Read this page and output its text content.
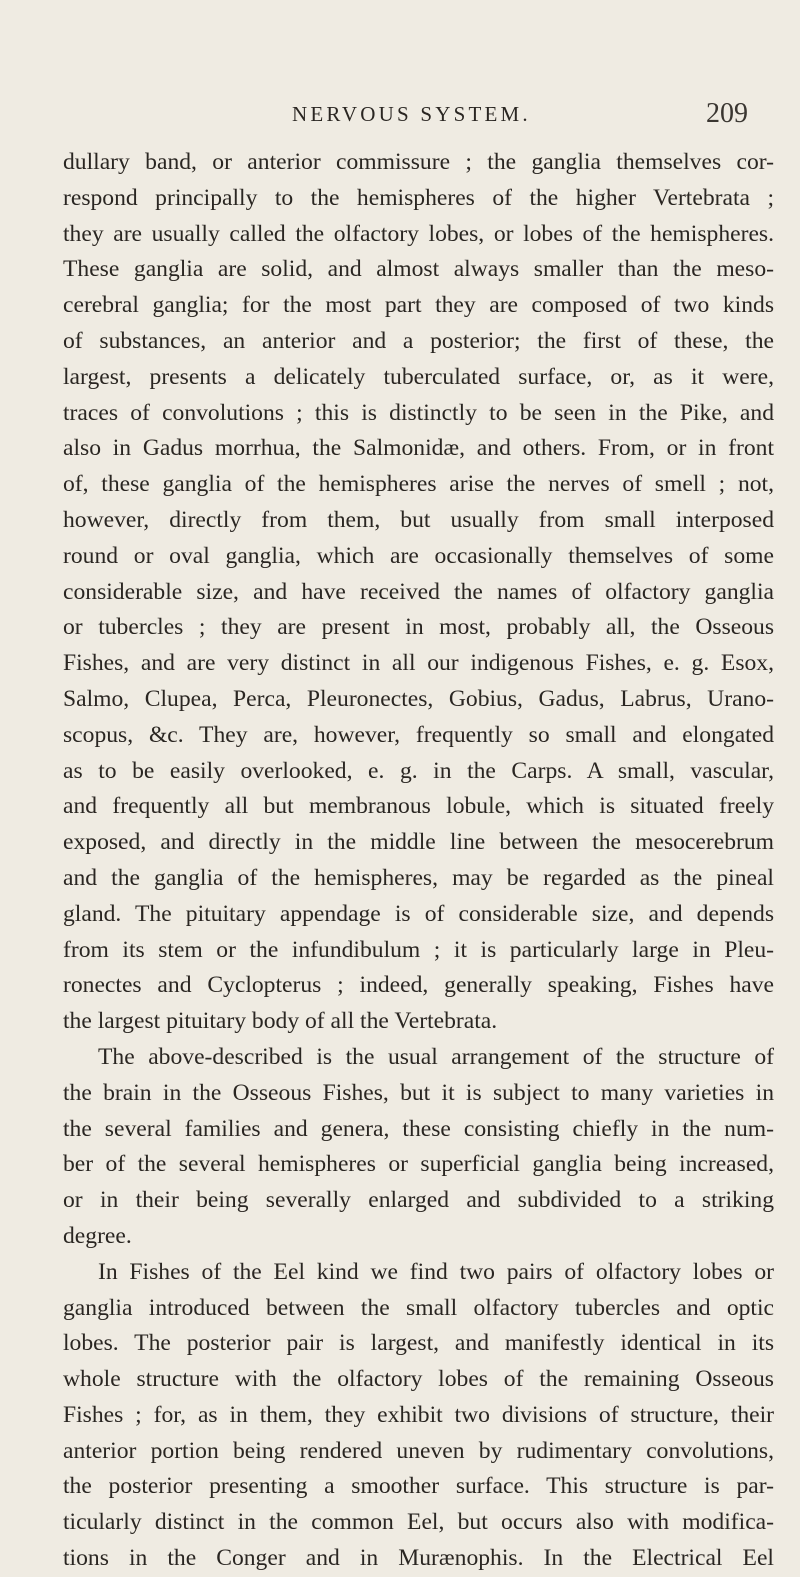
NERVOUS SYSTEM.	209
dullary band, or anterior commissure ; the ganglia themselves cor-
respond principally to the hemispheres of the higher Vertebrata ;
they are usually called the olfactory lobes, or lobes of the hemispheres.
These ganglia are solid, and almost always smaller than the meso-
cerebral ganglia; for the most part they are composed of two kinds
of substances, an anterior and a posterior; the first of these, the
largest, presents a delicately tuberculated surface, or, as it were,
traces of convolutions ; this is distinctly to be seen in the Pike, and
also in Gadus morrhua, the Salmonidæ, and others. From, or in front
of, these ganglia of the hemispheres arise the nerves of smell ; not,
however, directly from them, but usually from small interposed
round or oval ganglia, which are occasionally themselves of some
considerable size, and have received the names of olfactory ganglia
or tubercles ; they are present in most, probably all, the Osseous
Fishes, and are very distinct in all our indigenous Fishes, e. g. Esox,
Salmo, Clupea, Perca, Pleuronectes, Gobius, Gadus, Labrus, Urano-
scopus, &c. They are, however, frequently so small and elongated
as to be easily overlooked, e. g. in the Carps. A small, vascular,
and frequently all but membranous lobule, which is situated freely
exposed, and directly in the middle line between the mesocerebrum
and the ganglia of the hemispheres, may be regarded as the pineal
gland. The pituitary appendage is of considerable size, and depends
from its stem or the infundibulum ; it is particularly large in Pleu-
ronectes and Cyclopterus ; indeed, generally speaking, Fishes have
the largest pituitary body of all the Vertebrata.
The above-described is the usual arrangement of the structure of
the brain in the Osseous Fishes, but it is subject to many varieties in
the several families and genera, these consisting chiefly in the num-
ber of the several hemispheres or superficial ganglia being increased,
or in their being severally enlarged and subdivided to a striking
degree.
In Fishes of the Eel kind we find two pairs of olfactory lobes or
ganglia introduced between the small olfactory tubercles and optic
lobes. The posterior pair is largest, and manifestly identical in its
whole structure with the olfactory lobes of the remaining Osseous
Fishes ; for, as in them, they exhibit two divisions of structure, their
anterior portion being rendered uneven by rudimentary convolutions,
the posterior presenting a smoother surface. This structure is par-
ticularly distinct in the common Eel, but occurs also with modifica-
tions in the Conger and in Murænophis. In the Electrical Eel
